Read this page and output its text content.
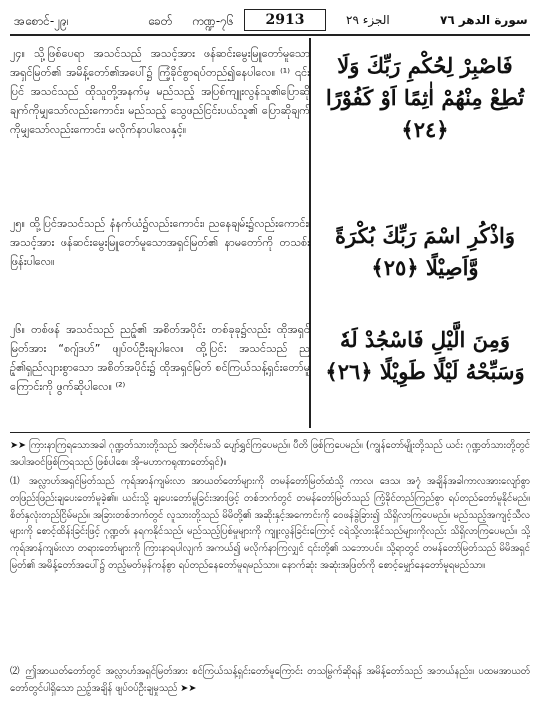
အစောင်-၂၉၊	ခေတ် ကဏ္ဍ-၇၆	2913	الجزء ٢٩	سورة الدهر ٧٦
၂၄။ သို့ဖြစ်ပေရာ အသင်သည် အသင့်အား ဖန်ဆင်းမွေးမြူတော်မူသော အရှင်မြတ်၏ အမိန့်တော်၏အပေါ်၌ ကြံ့ခိုင်စွာရပ်တည်၍နေပါလေ။ ⁽¹⁾ ၎င်းပြင် အသင်သည် ထိုသူတို့အနက်မှ မည်သည့် အပြစ်ကျူးလွန်သူ၏ပြောဆိုချက်ကိုမျှသော်လည်းကောင်း၊ မည်သည့် သွေဖည်ငြင်းပယ်သူ၏ ပြောဆိုချက်ကိုမျှသော်လည်းကောင်း၊ မလိုက်နာပါလေနှင့်။
فَاصْبِرْ لِحُكْمِ رَبِّكَ وَلَا تُطِعْ مِنْهُمْ اٰثِمًا اَوْ كَفُوْرًا ﴿٢٤﴾
၂၅။ ထို့ပြင်အသင်သည် နံနက်ယံ၌လည်းကောင်း၊ ညနေချမ်း၌လည်းကောင်း၊ အသင့်အား ဖန်ဆင်းမွေးမြူတော်မူသောအရှင်မြတ်၏ နာမတော်ကို တသစ်းဖြန်းပါလေ။
وَاذْكُرِ اسْمَ رَبِّكَ بُكْرَةً وَّاَصِيْلًا ﴿٢٥﴾
၂၆။ တစ်ဖန် အသင်သည် ညဥ့်၏ အစိတ်အပိုင်း တစ်ခုခု၌လည်း ထိုအရှင်မြတ်အား “စဂျ်ဒဟ်” ဖျပ်ဝပ်ဦးချပါလေ။ ထို့ပြင်: အသင်သည် ညဥ့်၏ရှည်လျားစွာသော အစိတ်အပိုင်း၌ ထိုအရှင်မြတ် စင်ကြယ်သန့်ရှင်းတော်မူကြောင်းကို ဖွက်ဆိုပါလေ။ ⁽²⁾
وَمِنَ الَّيْلِ فَاسْجُدْ لَهٗ وَسَبِّحْهُ لَيْلًا طَوِيْلًا ﴿٢٦﴾
➤➤ ကြားနာကြရသောအခါ ဂုဏ္ဍတ်သားတို့သည် အတိုင်းမသိ ပျော်ရွှင်ကြပေမည်။ ပီတိ ဖြစ်ကြပေမည်။ (ကျွန်တော်မျိုးတို့သည် ယင်း ဂုဏ္ဍတ်သားတို့တွင် အပါအဝင်ဖြစ်ကြရသည် ဖြစ်ပါစေ၊ အို-မဟာကရုဏာတော်ရှင်)။
⑴ အလ္လာဟ်အရှင်မြတ်သည် ကုရ်အာန်ကျမ်းလာ အာယတ်တော်များကို တမန်တော်မြတ်ထံသို့ ကာလ၊ ဒေသ၊ အ၇ုံ အချိန်အခါကာလအားလျော်စွာ တဖြည်းဖြည်းချပေးတော်မူခဲ့၏။ ယင်းသို့ ချပေးတော်မူခြင်းအားဖြင့် တစ်ဘက်တွင် တမန်တော်မြတ်သည် ကြံ့ခိုင်တည်ကြည်စွာ ရပ်တည်တော်မူနိုင်မည်။ စိတ်နှလုံးတည်ငြိမ်မည်။ အခြားတစ်ဘက်တွင် လူသားတို့သည် မိမိတို့၏ အဆိုးနှင့်အကောင်းကို ဝေဖန်ခွဲခြား၍ သိရှိလာကြပေမည်။ မည်သည့်အကျင့်သီလများကို စောင့်ထိန်းခြင်းဖြင့် ဂုဏ္ဍတ်၊ နရကနိုင်သည်၊ မည်သည့်ပြစ်မှုများကို ကျူးလွန်ခြင်းကြောင့် ငရဲသို့လားနိုင်သည်များကိုလည်း သိရှိလာကြပေမည်။ သို့ ကုရ်အာန်ကျမ်းလာ တရားတော်များကို ကြားနာရပါလျက် အကယ်၍ မလိုက်နာကြလျှင် ၎င်းတို့၏ သဘောပင်။ သို့ရာတွင် တမန်တော်မြတ်သည် မိမိအရှင်မြတ်၏ အမိန့်တော်အပေါ်၌ တည့်မတ်မှန်ကန်စွာ ရပ်တည်နေတော်မူရမည်သာ။ နောက်ဆုံး အဆုံးအဖြတ်ကို စောင့်မျှော်နေတော်မူရမည်သာ။
⑵ ဤအာယတ်တော်တွင် အလ္လာဟ်အရှင်မြတ်အား စင်ကြယ်သန့်ရှင်းတော်မူကြောင်း တသမြွက်ဆိုရန် အမိန့်တော်သည် အဘယ်နည်း။ ပထမအာယတ်တော်တွင်ပါရှိသော ညဥ့်အချိန် ဖျပ်ဝပ်ဦးချမှုသည် ➤➤
